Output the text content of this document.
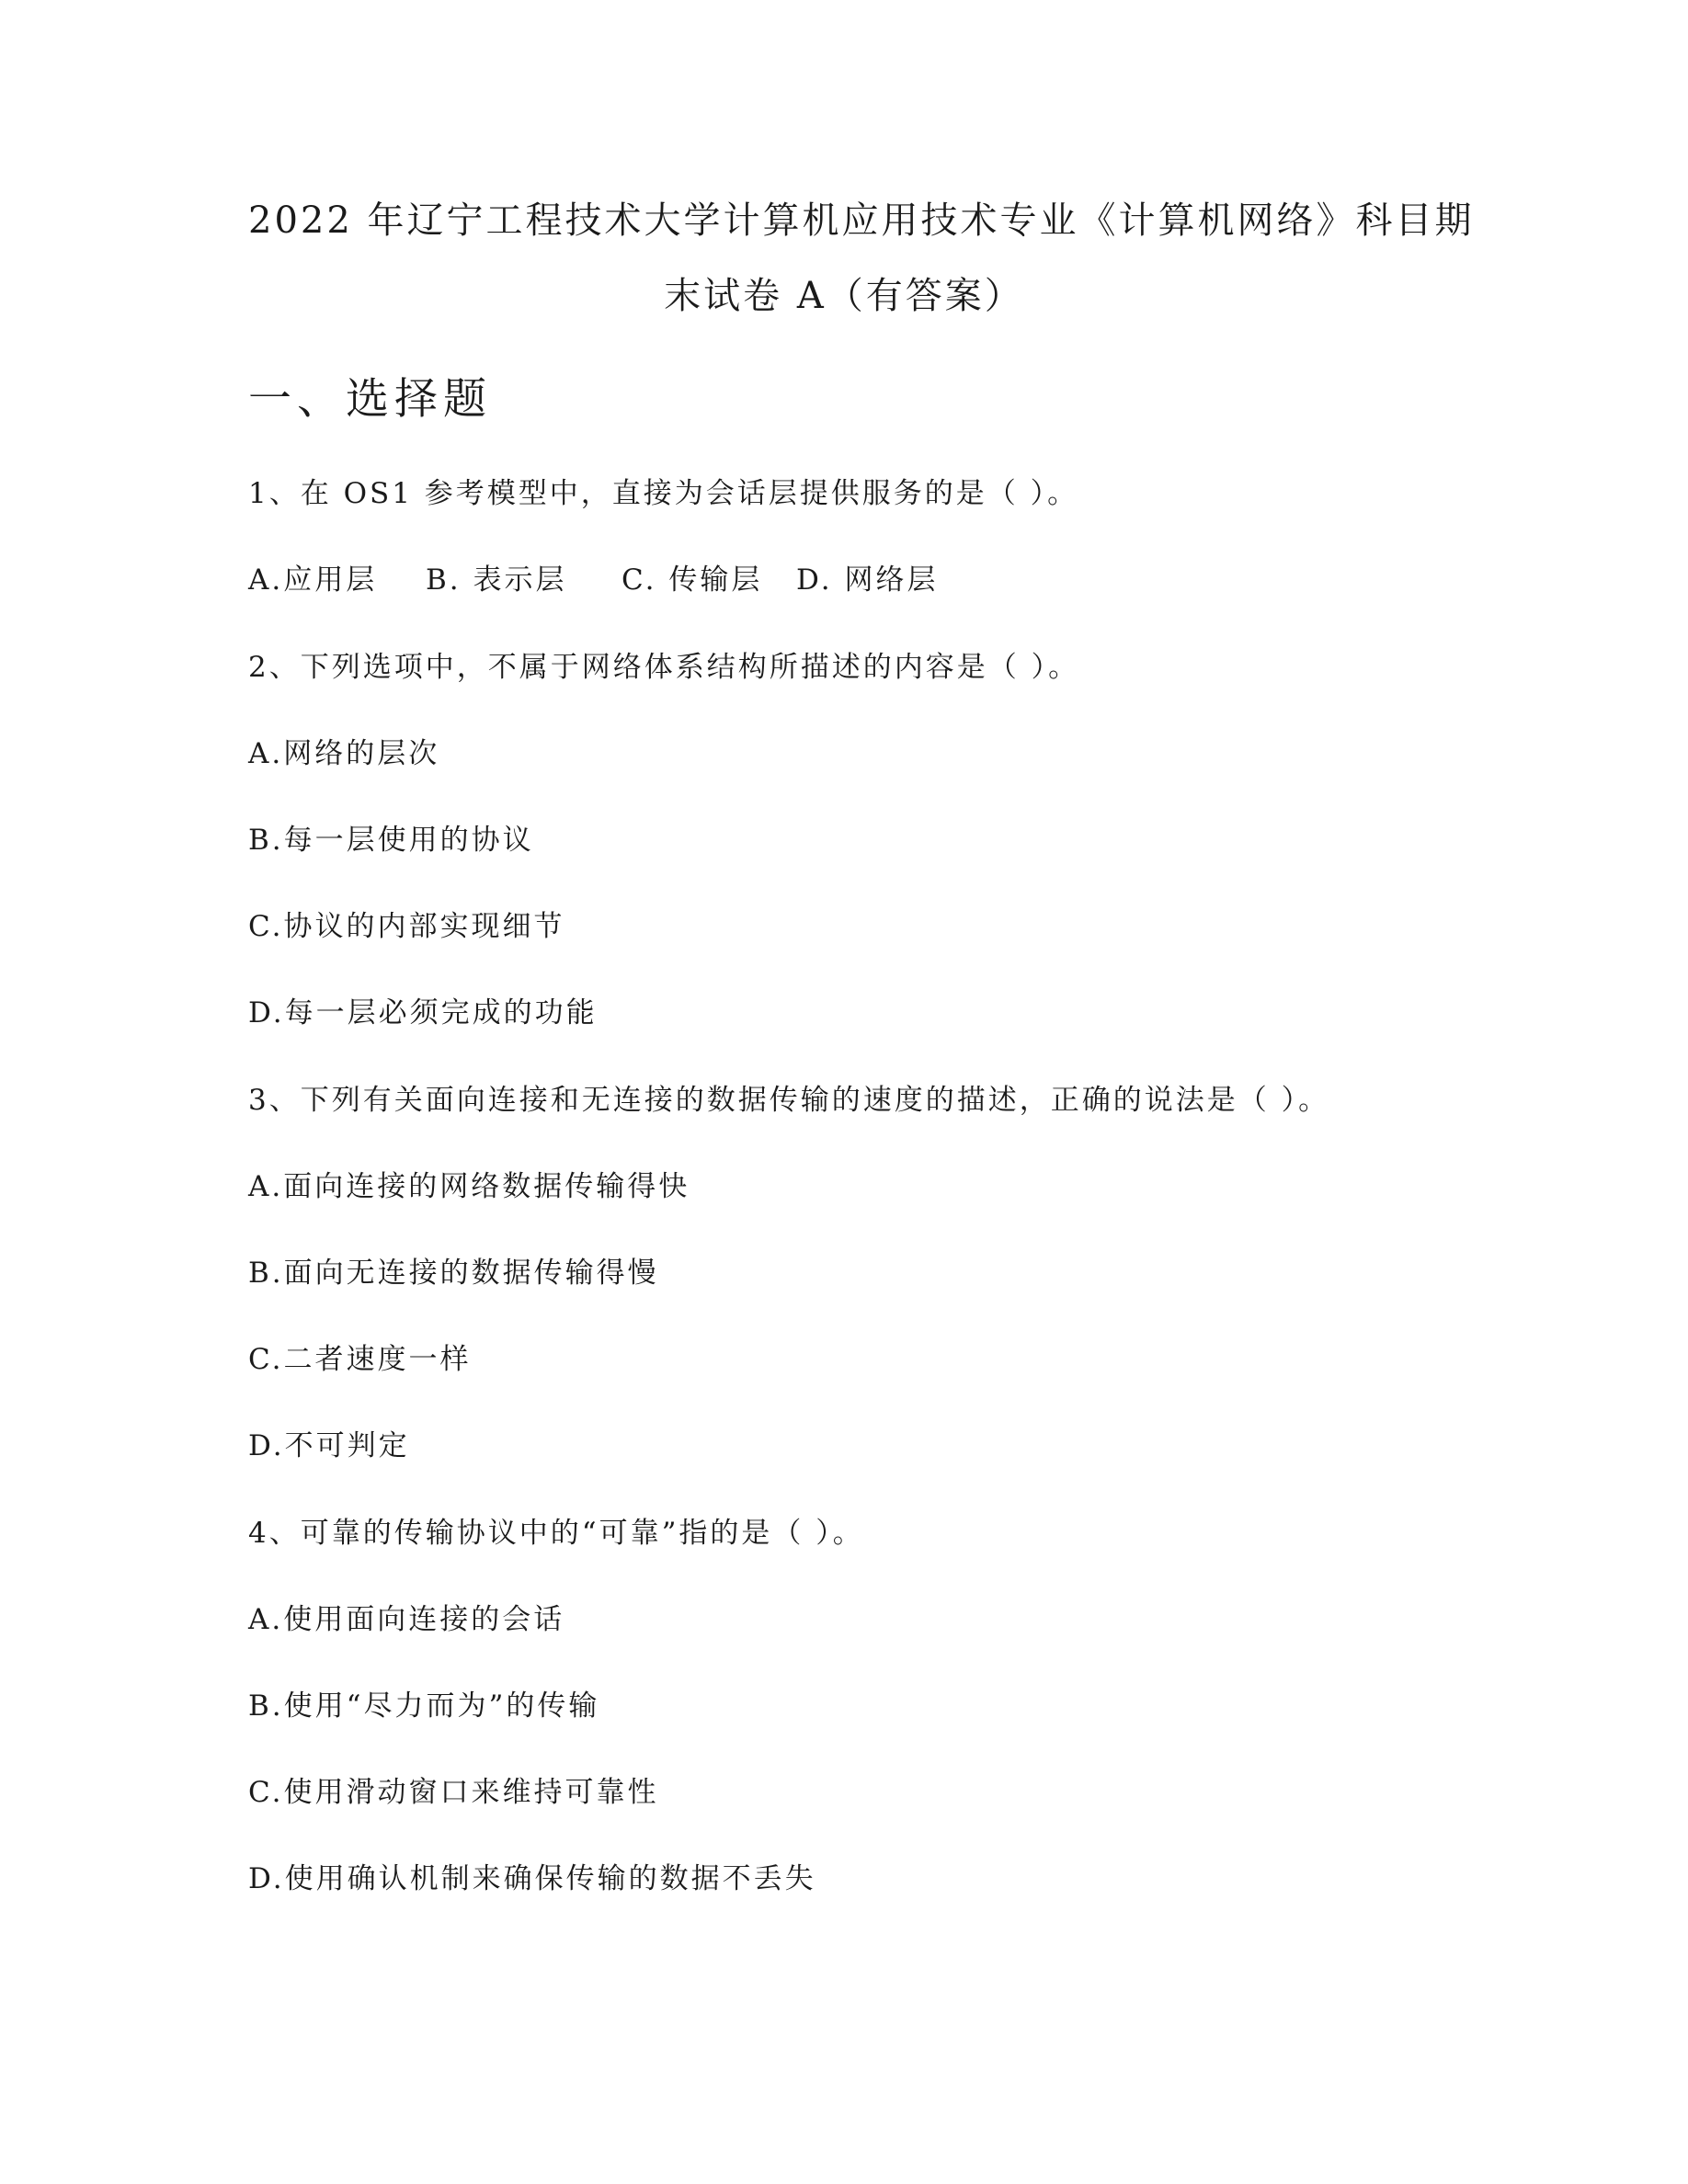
2022 年辽宁工程技术大学计算机应用技术专业《计算机网络》科目期
末试卷 A（有答案）
一、选择题
1、在 OS1 参考模型中，直接为会话层提供服务的是（ ）。
A.应用层 B. 表示层 C. 传输层 D. 网络层
2、下列选项中，不属于网络体系结构所描述的内容是（ ）。
A.网络的层次
B.每一层使用的协议
C.协议的内部实现细节
D.每一层必须完成的功能
3、下列有关面向连接和无连接的数据传输的速度的描述，正确的说法是（ ）。
A.面向连接的网络数据传输得快
B.面向无连接的数据传输得慢
C.二者速度一样
D.不可判定
4、可靠的传输协议中的“可靠”指的是（ ）。
A.使用面向连接的会话
B.使用“尽力而为”的传输
C.使用滑动窗口来维持可靠性
D.使用确认机制来确保传输的数据不丢失
